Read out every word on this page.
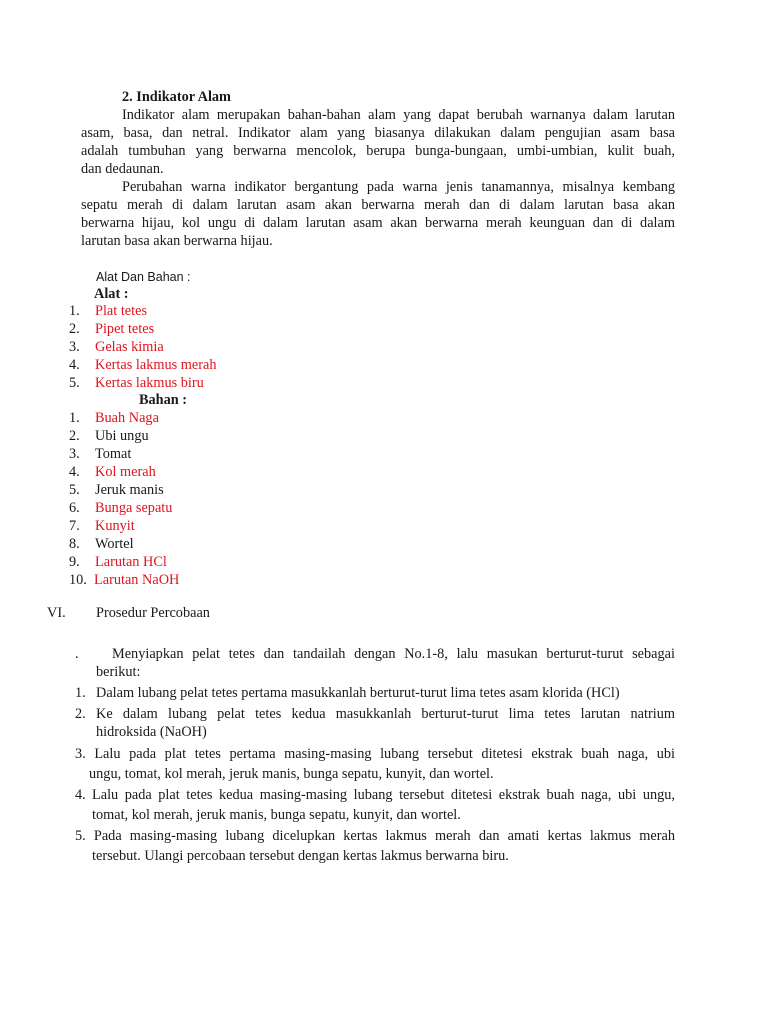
2. Indikator Alam
Indikator alam merupakan bahan-bahan alam yang dapat berubah warnanya dalam larutan
asam, basa, dan netral. Indikator alam yang biasanya dilakukan dalam pengujian asam basa
adalah tumbuhan yang berwarna mencolok, berupa bunga-bungaan, umbi-umbian, kulit buah,
dan dedaunan.
Perubahan warna indikator bergantung pada warna jenis tanamannya, misalnya kembang
sepatu merah di dalam larutan asam akan berwarna merah dan di dalam larutan basa akan
berwarna hijau, kol ungu di dalam larutan asam akan berwarna merah keunguan dan di dalam
larutan basa akan berwarna hijau.
Alat Dan Bahan :
Alat :
1. Plat tetes
2. Pipet tetes
3. Gelas kimia
4. Kertas lakmus merah
5. Kertas lakmus biru
Bahan :
1. Buah Naga
2. Ubi ungu
3. Tomat
4. Kol merah
5. Jeruk manis
6. Bunga sepatu
7. Kunyit
8. Wortel
9. Larutan HCl
10. Larutan NaOH
VI. Prosedur Percobaan
. Menyiapkan pelat tetes dan tandailah dengan No.1-8, lalu masukan berturut-turut sebagai
berikut:
1. Dalam lubang pelat tetes pertama masukkanlah berturut-turut lima tetes asam klorida (HCl)
2. Ke dalam lubang pelat tetes kedua masukkanlah berturut-turut lima tetes larutan natrium
hidroksida (NaOH)
3. Lalu pada plat tetes pertama masing-masing lubang tersebut ditetesi ekstrak buah naga, ubi
ungu, tomat, kol merah, jeruk manis, bunga sepatu, kunyit, dan wortel.
4. Lalu pada plat tetes kedua masing-masing lubang tersebut ditetesi ekstrak buah naga, ubi ungu,
tomat, kol merah, jeruk manis, bunga sepatu, kunyit, dan wortel.
5. Pada masing-masing lubang dicelupkan kertas lakmus merah dan amati kertas lakmus merah
tersebut. Ulangi percobaan tersebut dengan kertas lakmus berwarna biru.
